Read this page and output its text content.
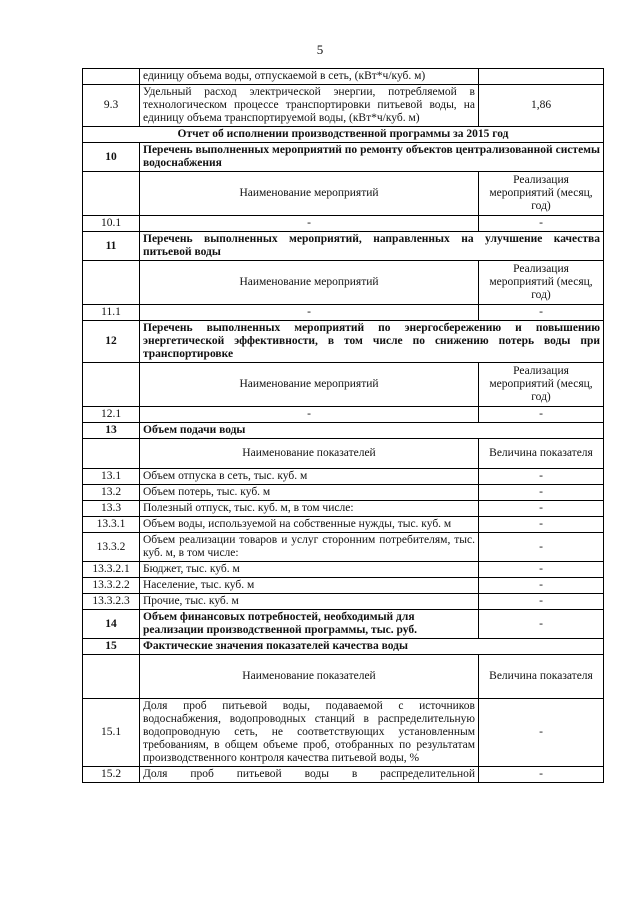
5
	единицу объема воды, отпускаемой в сеть, (кВт*ч/куб. м)	
9.3	Удельный расход электрической энергии, потребляемой в технологическом процессе транспортировки питьевой воды, на единицу объема транспортируемой воды, (кВт*ч/куб. м)	1,86
Отчет об исполнении производственной программы за 2015 год		
10	Перечень выполненных мероприятий по ремонту объектов централизованной системы водоснабжения	
	Наименование мероприятий	Реализация мероприятий (месяц, год)
10.1	-	-
11	Перечень выполненных мероприятий, направленных на улучшение качества питьевой воды	
	Наименование мероприятий	Реализация мероприятий (месяц, год)
11.1	-	-
12	Перечень выполненных мероприятий по энергосбережению и повышению энергетической эффективности, в том числе по снижению потерь воды при транспортировке	
	Наименование мероприятий	Реализация мероприятий (месяц, год)
12.1	-	-
13	Объем подачи воды	
	Наименование показателей	Величина показателя
13.1	Объем отпуска в сеть, тыс. куб. м	-
13.2	Объем потерь, тыс. куб. м	-
13.3	Полезный отпуск, тыс. куб. м, в том числе:	-
13.3.1	Объем воды, используемой на собственные нужды, тыс. куб. м	-
13.3.2	Объем реализации товаров и услуг сторонним потребителям, тыс. куб. м, в том числе:	-
13.3.2.1	Бюджет, тыс. куб. м	-
13.3.2.2	Население, тыс. куб. м	-
13.3.2.3	Прочие, тыс. куб. м	-
14	Объем финансовых потребностей, необходимый для реализации производственной программы, тыс. руб.	-
15	Фактические значения показателей качества воды	
	Наименование показателей	Величина показателя
15.1	Доля проб питьевой воды, подаваемой с источников водоснабжения, водопроводных станций в распределительную водопроводную сеть, не соответствующих установленным требованиям, в общем объеме проб, отобранных по результатам производственного контроля качества питьевой воды, %	-
15.2	Доля проб питьевой воды в распределительной	-
